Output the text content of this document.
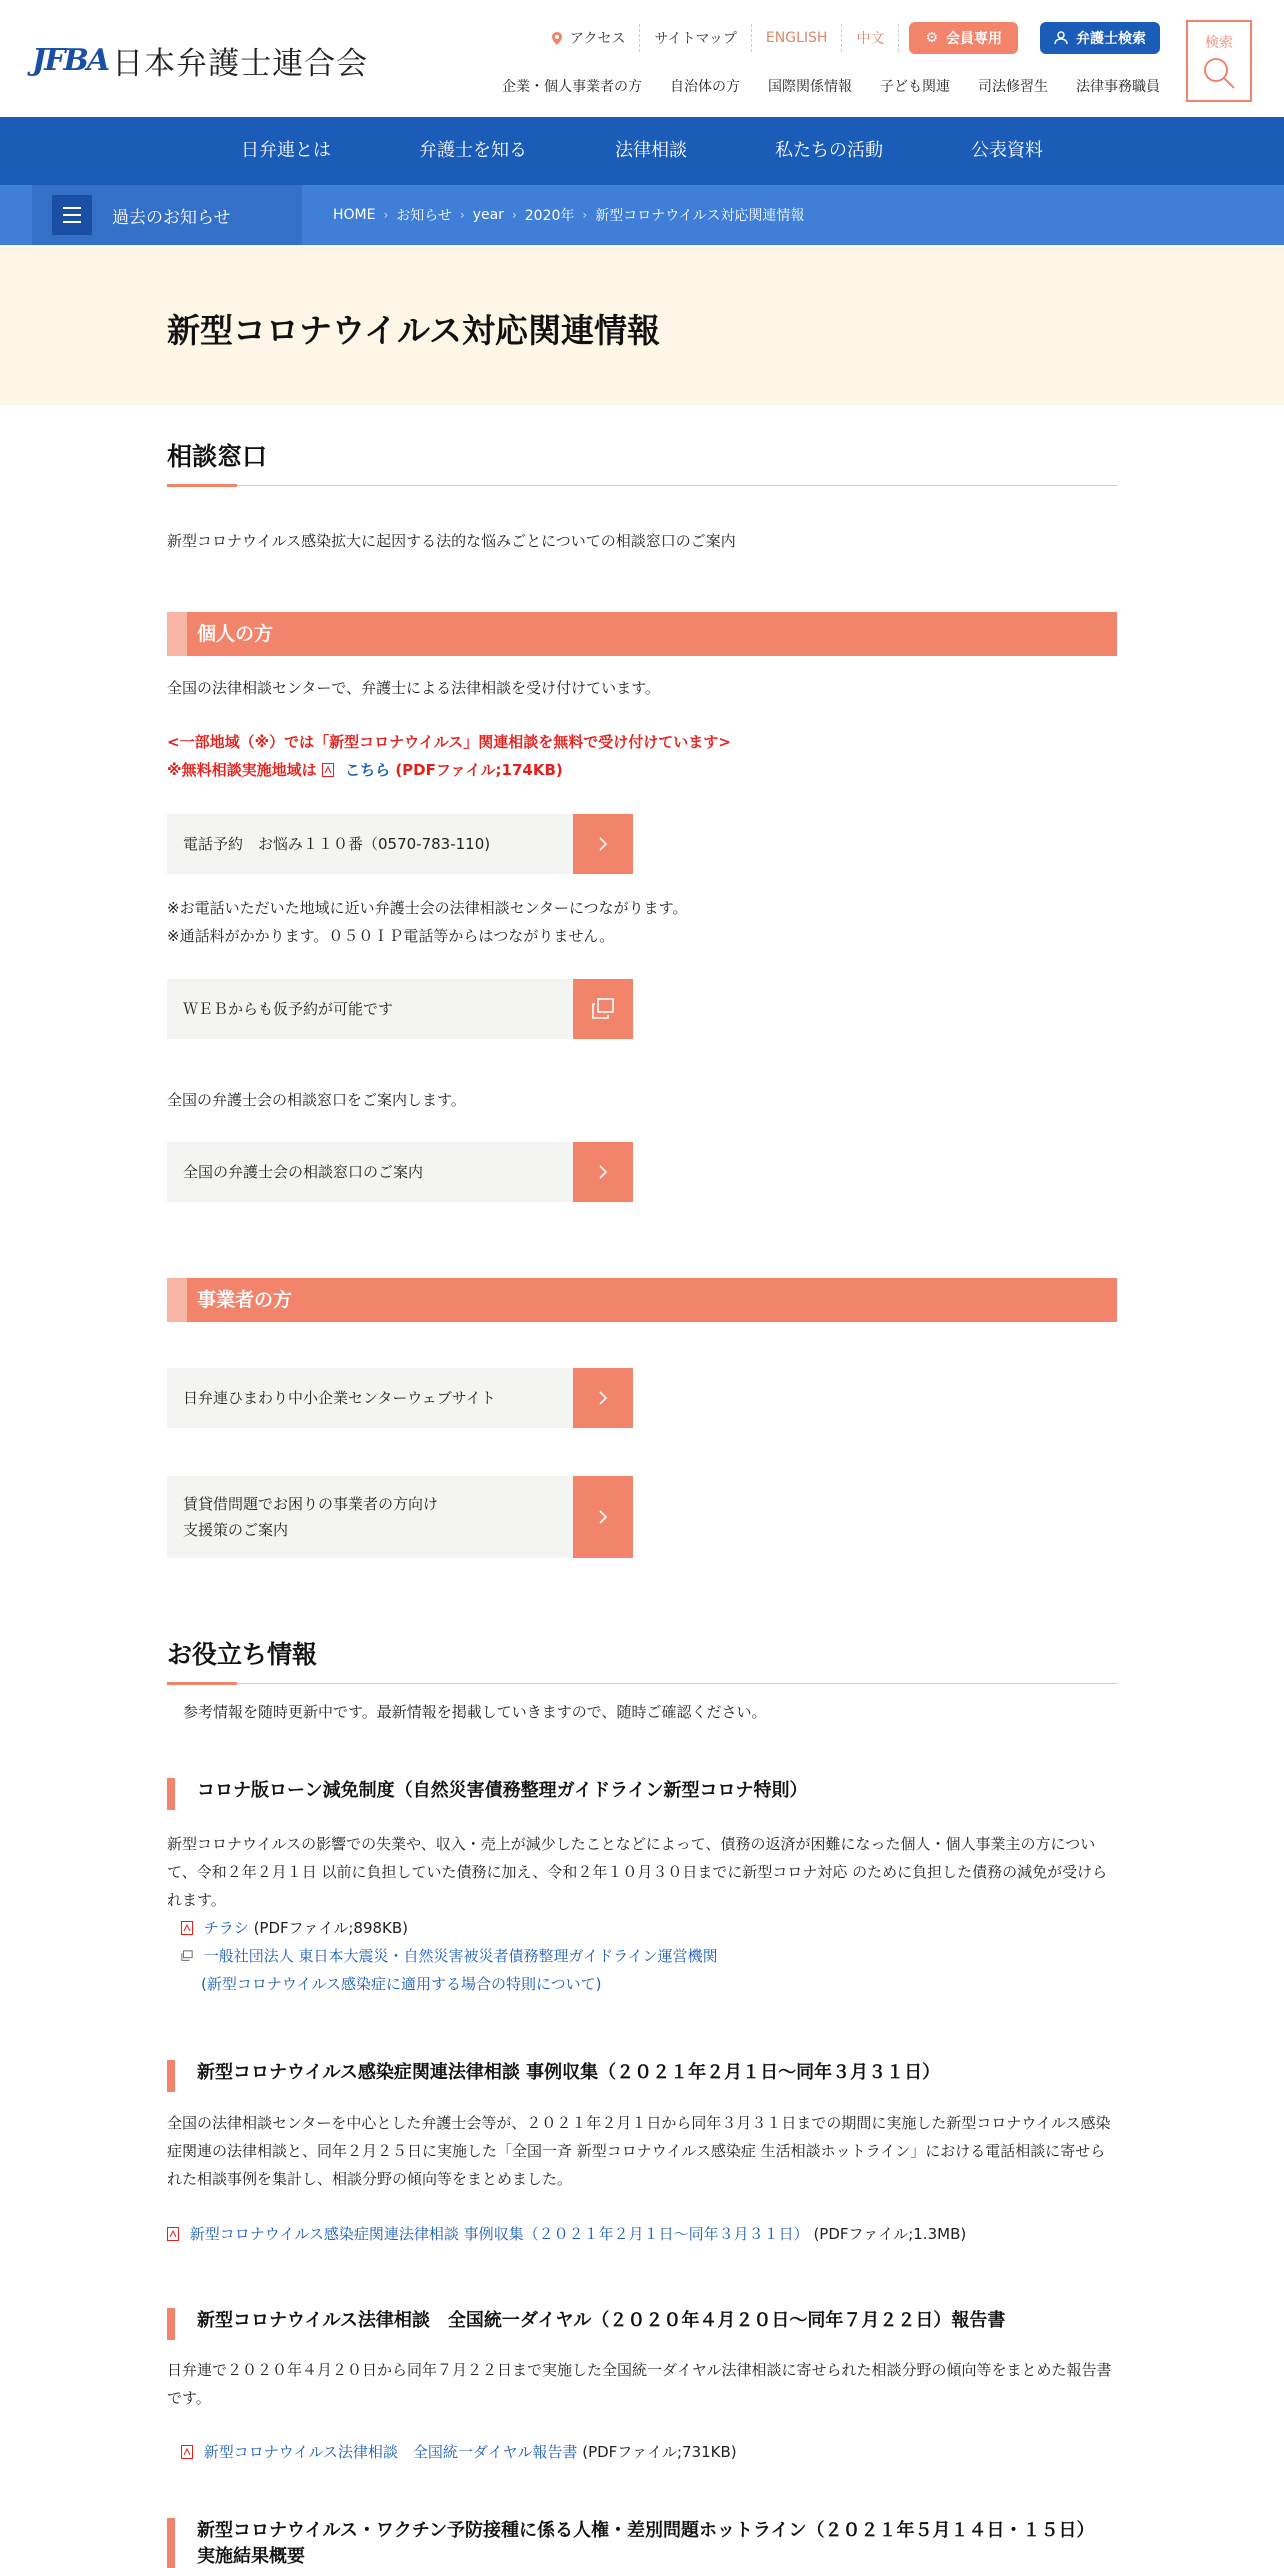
JFBA 日本弁護士連合会
アクセス	サイトマップ	ENGLISH	中文	⚙ 会員専用	弁護士検索
企業・個人事業者の方 自治体の方 国際関係情報 子ども関連 司法修習生 法律事務職員
検索
日弁連とは	弁護士を知る	法律相談	私たちの活動	公表資料
過去のお知らせ	HOME › お知らせ › year › 2020年 › 新型コロナウイルス対応関連情報
新型コロナウイルス対応関連情報
相談窓口

新型コロナウイルス感染拡大に起因する法的な悩みごとについての相談窓口のご案内

個人の方

全国の法律相談センターで、弁護士による法律相談を受け付けています。

<一部地域（※）では「新型コロナウイルス」関連相談を無料で受け付けています>

※無料相談実施地域は こちら (PDFファイル;174KB)

電話予約　お悩み１１０番（0570-783-110)

※お電話いただいた地域に近い弁護士会の法律相談センターにつながります。

※通話料がかかります。０５０ＩＰ電話等からはつながりません。

ＷＥＢからも仮予約が可能です

全国の弁護士会の相談窓口をご案内します。

全国の弁護士会の相談窓口のご案内
事業者の方
日弁連ひまわり中小企業センターウェブサイト
賃貸借問題でお困りの事業者の方向け
支援策のご案内
お役立ち情報

参考情報を随時更新中です。最新情報を掲載していきますので、随時ご確認ください。

コロナ版ローン減免制度（自然災害債務整理ガイドライン新型コロナ特則）

新型コロナウイルスの影響での失業や、収入・売上が減少したことなどによって、債務の返済が困難になった個人・個人事業主の方について、令和２年２月１日 以前に負担していた債務に加え、令和２年１０月３０日までに新型コロナ対応 のために負担した債務の減免が受けられます。

チラシ (PDFファイル;898KB)

一般社団法人 東日本大震災・自然災害被災者債務整理ガイドライン運営機関

(新型コロナウイルス感染症に適用する場合の特則について)

新型コロナウイルス感染症関連法律相談 事例収集（２０２１年２月１日〜同年３月３１日）

全国の法律相談センターを中心とした弁護士会等が、２０２１年２月１日から同年３月３１日までの期間に実施した新型コロナウイルス感染症関連の法律相談と、同年２月２５日に実施した「全国一斉 新型コロナウイルス感染症 生活相談ホットライン」における電話相談に寄せられた相談事例を集計し、相談分野の傾向等をまとめました。

新型コロナウイルス感染症関連法律相談 事例収集（２０２１年２月１日〜同年３月３１日） (PDFファイル;1.3MB)

新型コロナウイルス法律相談　全国統一ダイヤル（２０２０年４月２０日〜同年７月２２日）報告書

日弁連で２０２０年４月２０日から同年７月２２日まで実施した全国統一ダイヤル法律相談に寄せられた相談分野の傾向等をまとめた報告書です。

新型コロナウイルス法律相談　全国統一ダイヤル報告書 (PDFファイル;731KB)

新型コロナウイルス・ワクチン予防接種に係る人権・差別問題ホットライン（２０２１年５月１４日・１５日）
実施結果概要
